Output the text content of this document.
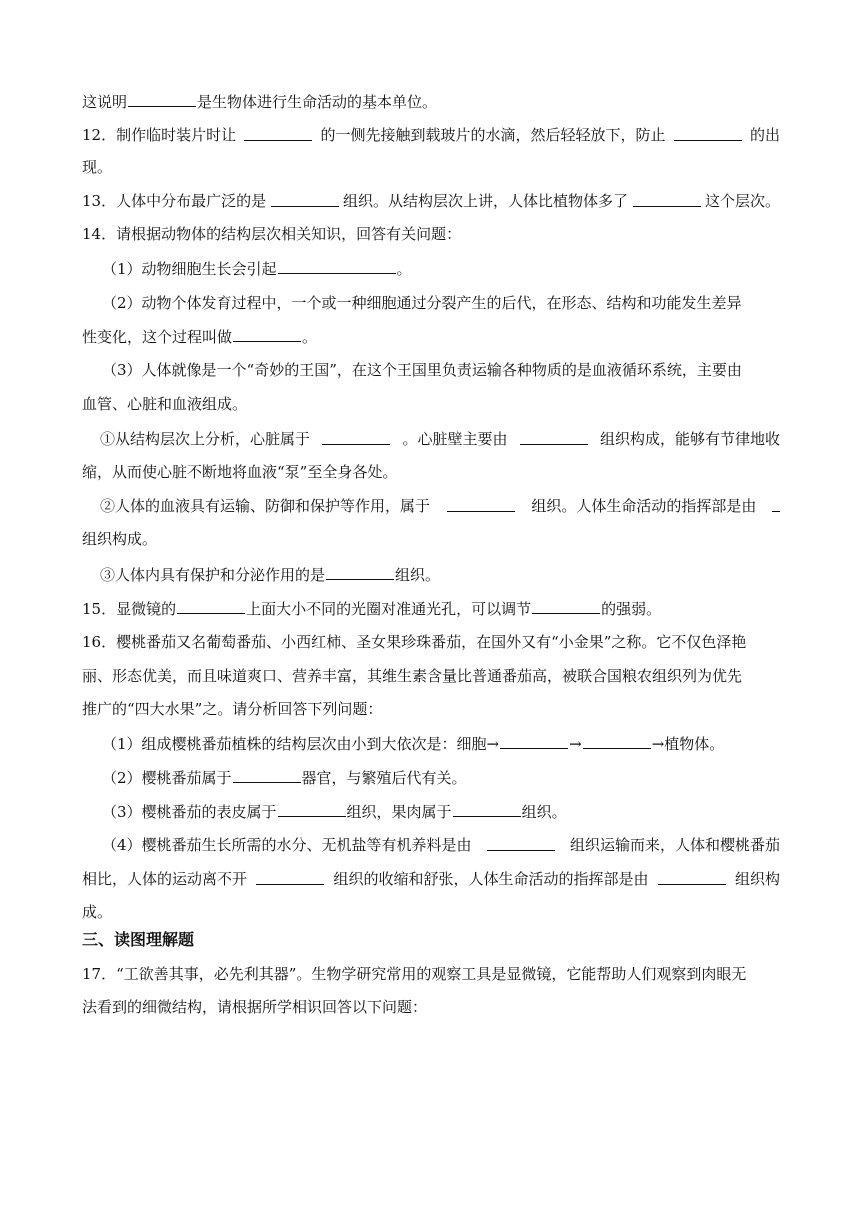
这说明	是生物体进行生命活动的基本单位。
12．制作临时装片时让	的一侧先接触到载玻片的水滴，然后轻轻放下，防止	的出
现。
13．人体中分布最广泛的是	组织。从结构层次上讲，人体比植物体多了	这个层次。
14．请根据动物体的结构层次相关知识，回答有关问题：
（1）动物细胞生长会引起	。
（2）动物个体发育过程中，一个或一种细胞通过分裂产生的后代，在形态、结构和功能发生差异
性变化，这个过程叫做	。
（3）人体就像是一个“奇妙的王国”，在这个王国里负责运输各种物质的是血液循环系统，主要由
血管、心脏和血液组成。
①从结构层次上分析，心脏属于	。心脏壁主要由	组织构成，能够有节律地收
缩，从而使心脏不断地将血液“泵”至全身各处。
②人体的血液具有运输、防御和保护等作用，属于	组织。人体生命活动的指挥部是由
组织构成。
③人体内具有保护和分泌作用的是	组织。
15．显微镜的	上面大小不同的光圈对准通光孔，可以调节	的强弱。
16．樱桃番茄又名葡萄番茄、小西红柿、圣女果珍珠番茄，在国外又有“小金果”之称。它不仅色泽艳
丽、形态优美，而且味道爽口、营养丰富，其维生素含量比普通番茄高，被联合国粮农组织列为优先
推广的“四大水果”之。请分析回答下列问题：
（1）组成樱桃番茄植株的结构层次由小到大依次是：细胞→	→	→植物体。
（2）樱桃番茄属于	器官，与繁殖后代有关。
（3）樱桃番茄的表皮属于	组织，果肉属于	组织。
（4）樱桃番茄生长所需的水分、无机盐等有机养料是由	组织运输而来，人体和樱桃番茄
相比，人体的运动离不开	组织的收缩和舒张，人体生命活动的指挥部是由	组织构
成。
三、读图理解题
17．“工欲善其事，必先利其器”。生物学研究常用的观察工具是显微镜，它能帮助人们观察到肉眼无
法看到的细微结构，请根据所学相识回答以下问题：
